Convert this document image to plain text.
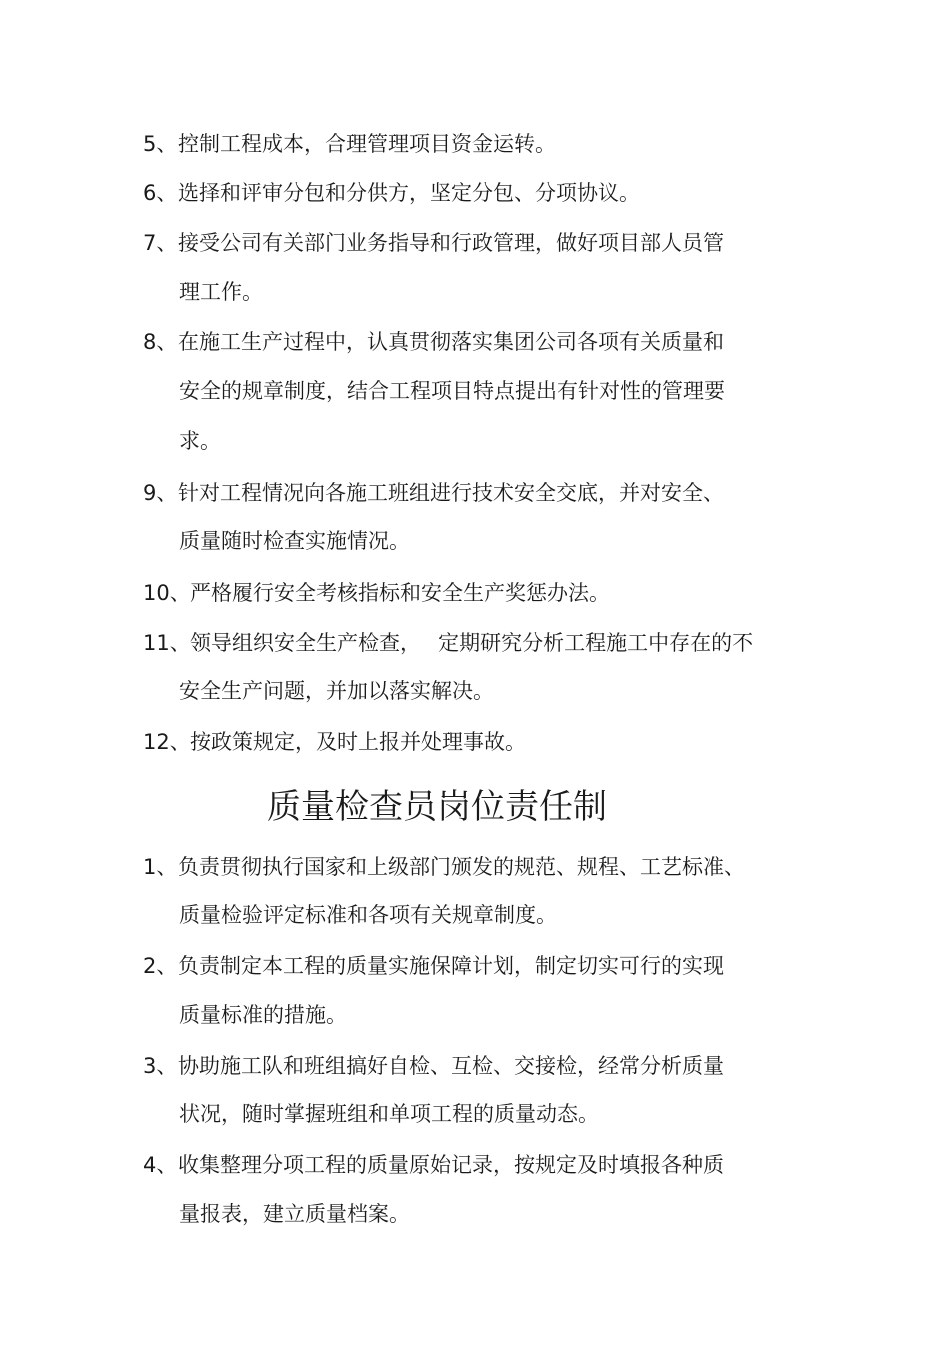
5、 控制工程成本，合理管理项目资金运转。
6、 选择和评审分包和分供方，坚定分包、分项协议。
7、 接受公司有关部门业务指导和行政管理，做好项目部人员管
理工作。
8、 在施工生产过程中，认真贯彻落实集团公司各项有关质量和
安全的规章制度，结合工程项目特点提出有针对性的管理要
求。
9、 针对工程情况向各施工班组进行技术安全交底，并对安全、
质量随时检查实施情况。
10、 严格履行安全考核指标和安全生产奖惩办法。
11、 领导组织安全生产检查，　 定期研究分析工程施工中存在的不
安全生产问题，并加以落实解决。
12、 按政策规定，及时上报并处理事故。
质量检查员岗位责任制
1、 负责贯彻执行国家和上级部门颁发的规范、规程、工艺标准、
质量检验评定标准和各项有关规章制度。
2、 负责制定本工程的质量实施保障计划，制定切实可行的实现
质量标准的措施。
3、 协助施工队和班组搞好自检、互检、交接检，经常分析质量
状况，随时掌握班组和单项工程的质量动态。
4、 收集整理分项工程的质量原始记录，按规定及时填报各种质
量报表，建立质量档案。
